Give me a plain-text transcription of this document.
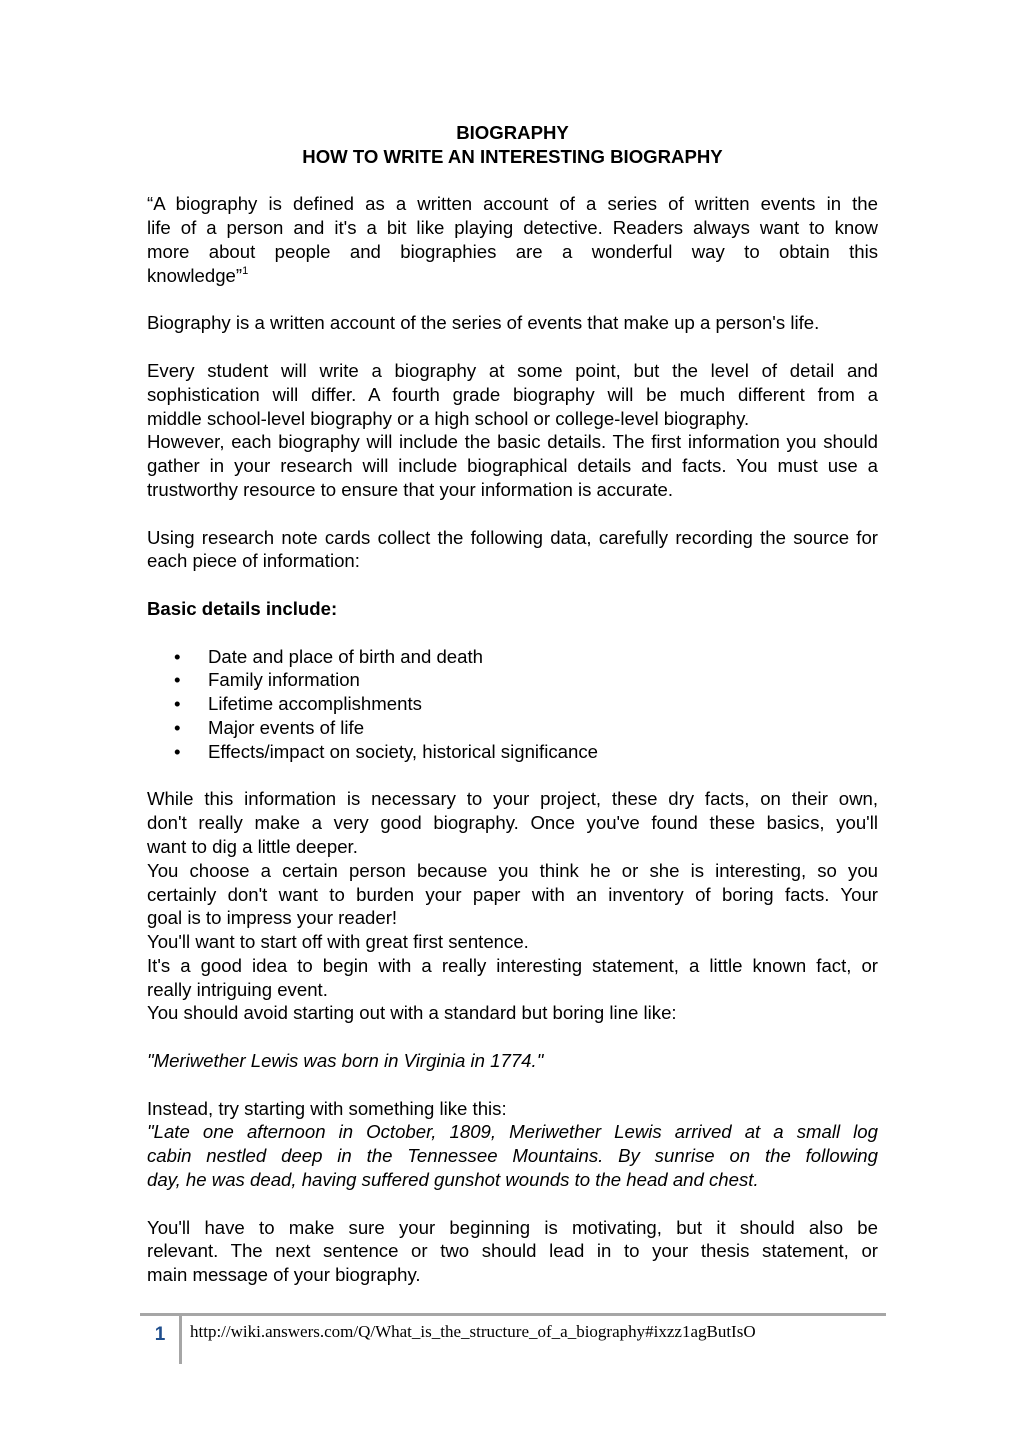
BIOGRAPHY
HOW TO WRITE AN INTERESTING BIOGRAPHY

“A biography is defined as a written account of a series of written events in the
life of a person and it's a bit like playing detective. Readers always want to know
more about people and biographies are a wonderful way to obtain this
knowledge”$^1$

Biography is a written account of the series of events that make up a person's life.

Every student will write a biography at some point, but the level of detail and
sophistication will differ. A fourth grade biography will be much different from a
middle school-level biography or a high school or college-level biography.

However, each biography will include the basic details. The first information you should gather in your research will include biographical details and facts. You must use a trustworthy resource to ensure that your information is accurate.

Using research note cards collect the following data, carefully recording the source for each piece of information:

Basic details include:

• Date and place of birth and death
• Family information
• Lifetime accomplishments
• Major events of life
• Effects/impact on society, historical significance
While this information is necessary to your project, these dry facts, on their own,
don't really make a very good biography. Once you've found these basics, you'll
want to dig a little deeper.
You choose a certain person because you think he or she is interesting, so you
certainly don't want to burden your paper with an inventory of boring facts. Your
goal is to impress your reader!
You'll want to start off with great first sentence.
It's a good idea to begin with a really interesting statement, a little known fact, or
really intriguing event.

You should avoid starting out with a standard but boring line like:

"Meriwether Lewis was born in Virginia in 1774."

Instead, try starting with something like this:

"Late one afternoon in October, 1809, Meriwether Lewis arrived at a small log
cabin nestled deep in the Tennessee Mountains. By sunrise on the following
day, he was dead, having suffered gunshot wounds to the head and chest.

You'll have to make sure your beginning is motivating, but it should also be
relevant. The next sentence or two should lead in to your thesis statement, or
main message of your biography.
1	http://wiki.answers.com/Q/What_is_the_structure_of_a_biography#ixzz1agButIsO
